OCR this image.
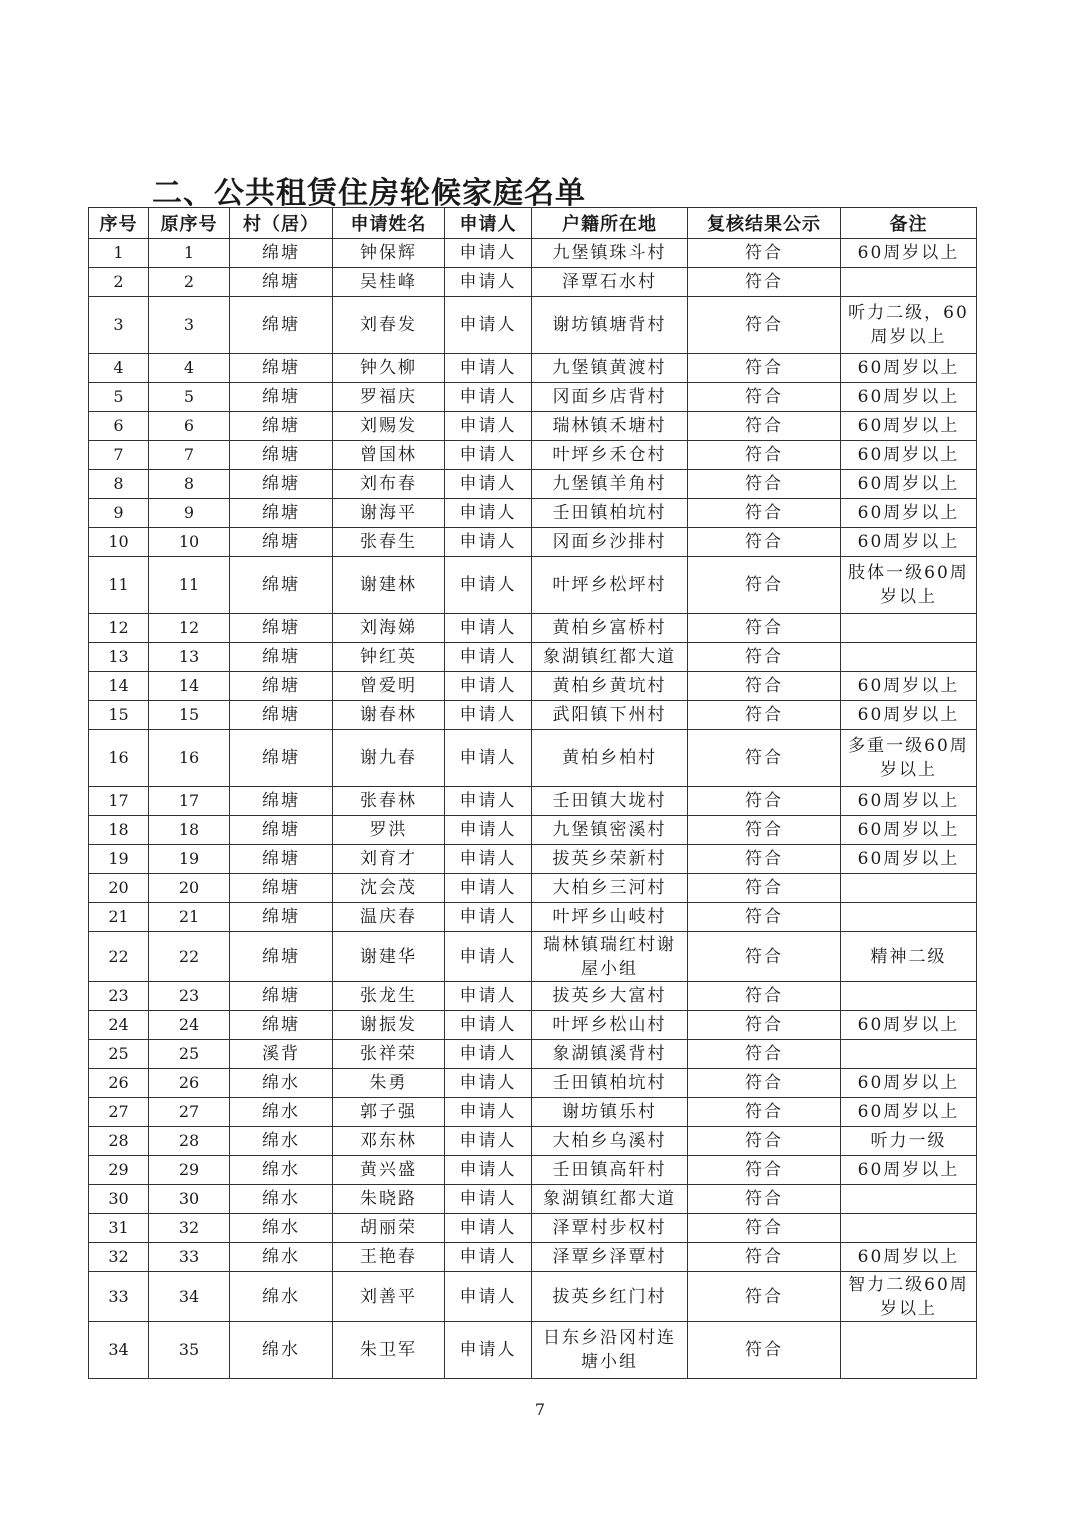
二、公共租赁住房轮候家庭名单
序号	原序号	村（居）	申请姓名	申请人	户籍所在地	复核结果公示	备注
1	1	绵塘	钟保辉	申请人	九堡镇珠斗村	符合	60周岁以上
2	2	绵塘	吴桂峰	申请人	泽覃石水村	符合	
3	3	绵塘	刘春发	申请人	谢坊镇塘背村	符合	听力二级，60周岁以上
4	4	绵塘	钟久柳	申请人	九堡镇黄渡村	符合	60周岁以上
5	5	绵塘	罗福庆	申请人	冈面乡店背村	符合	60周岁以上
6	6	绵塘	刘赐发	申请人	瑞林镇禾塘村	符合	60周岁以上
7	7	绵塘	曾国林	申请人	叶坪乡禾仓村	符合	60周岁以上
8	8	绵塘	刘布春	申请人	九堡镇羊角村	符合	60周岁以上
9	9	绵塘	谢海平	申请人	壬田镇柏坑村	符合	60周岁以上
10	10	绵塘	张春生	申请人	冈面乡沙排村	符合	60周岁以上
11	11	绵塘	谢建林	申请人	叶坪乡松坪村	符合	肢体一级60周岁以上
12	12	绵塘	刘海娣	申请人	黄柏乡富桥村	符合	
13	13	绵塘	钟红英	申请人	象湖镇红都大道	符合	
14	14	绵塘	曾爱明	申请人	黄柏乡黄坑村	符合	60周岁以上
15	15	绵塘	谢春林	申请人	武阳镇下州村	符合	60周岁以上
16	16	绵塘	谢九春	申请人	黄柏乡柏村	符合	多重一级60周岁以上
17	17	绵塘	张春林	申请人	壬田镇大垅村	符合	60周岁以上
18	18	绵塘	罗洪	申请人	九堡镇密溪村	符合	60周岁以上
19	19	绵塘	刘育才	申请人	拔英乡荣新村	符合	60周岁以上
20	20	绵塘	沈会茂	申请人	大柏乡三河村	符合	
21	21	绵塘	温庆春	申请人	叶坪乡山岐村	符合	
22	22	绵塘	谢建华	申请人	瑞林镇瑞红村谢屋小组	符合	精神二级
23	23	绵塘	张龙生	申请人	拔英乡大富村	符合	
24	24	绵塘	谢振发	申请人	叶坪乡松山村	符合	60周岁以上
25	25	溪背	张祥荣	申请人	象湖镇溪背村	符合	
26	26	绵水	朱勇	申请人	壬田镇柏坑村	符合	60周岁以上
27	27	绵水	郭子强	申请人	谢坊镇乐村	符合	60周岁以上
28	28	绵水	邓东林	申请人	大柏乡乌溪村	符合	听力一级
29	29	绵水	黄兴盛	申请人	壬田镇高轩村	符合	60周岁以上
30	30	绵水	朱晓路	申请人	象湖镇红都大道	符合	
31	32	绵水	胡丽荣	申请人	泽覃村步权村	符合	
32	33	绵水	王艳春	申请人	泽覃乡泽覃村	符合	60周岁以上
33	34	绵水	刘善平	申请人	拔英乡红门村	符合	智力二级60周岁以上
34	35	绵水	朱卫军	申请人	日东乡沿冈村连塘小组	符合	
7
